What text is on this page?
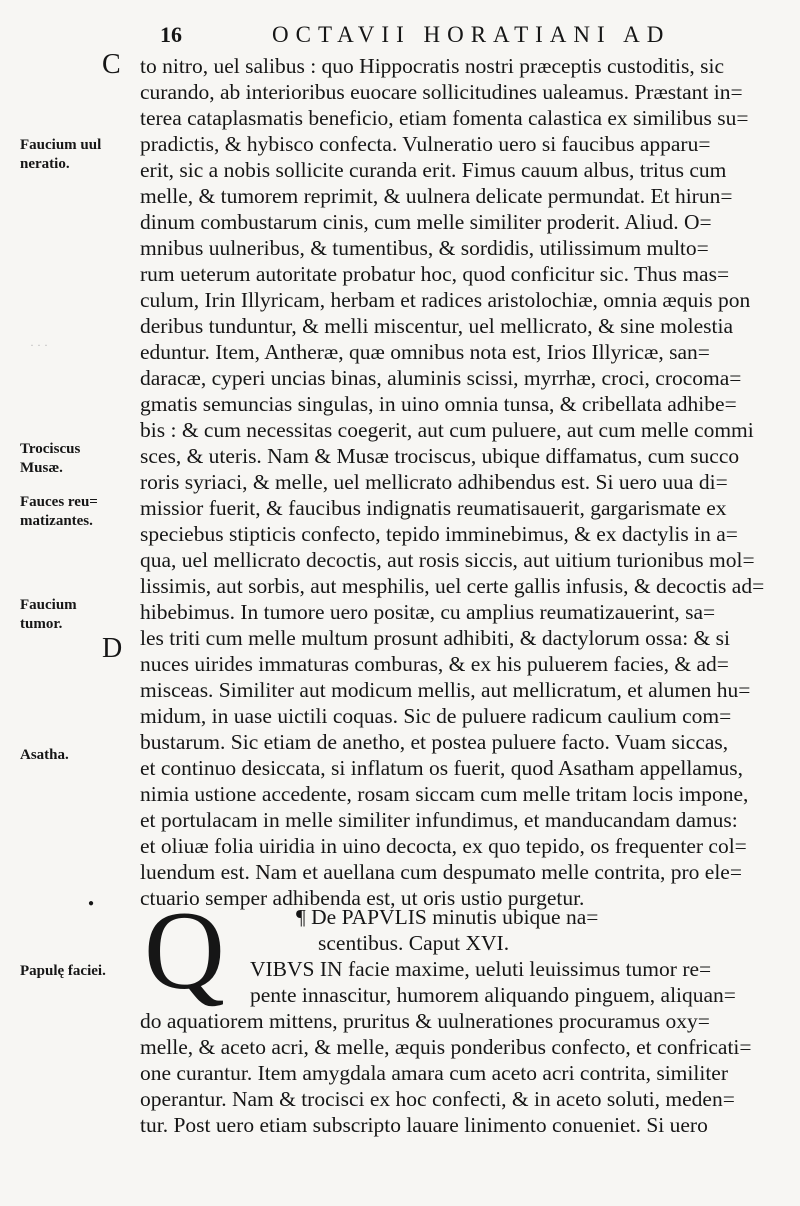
16	OCTAVII HORATIANI AD
C
D
Faucium uul
neratio.
Trociscus
Musæ.
Fauces reu=
matizantes.
Faucium
tumor.
Asatha.
Papulę faciei.
· · ·
●
to nitro, uel salibus : quo Hippocratis nostri præceptis custoditis, sic
curando, ab interioribus euocare sollicitudines ualeamus. Præstant in=
terea cataplasmatis beneficio, etiam fomenta calastica ex similibus su=
pradictis, & hybisco confecta. Vulneratio uero si faucibus apparu=
erit, sic a nobis sollicite curanda erit. Fimus cauum albus, tritus cum
melle, & tumorem reprimit, & uulnera delicate permundat. Et hirun=
dinum combustarum cinis, cum melle similiter proderit. Aliud. O=
mnibus uulneribus, & tumentibus, & sordidis, utilissimum multo=
rum ueterum autoritate probatur hoc, quod conficitur sic. Thus mas=
culum, Irin Illyricam, herbam et radices aristolochiæ, omnia æquis pon
deribus tunduntur, & melli miscentur, uel mellicrato, & sine molestia
eduntur. Item, Antheræ, quæ omnibus nota est, Irios Illyricæ, san=
daracæ, cyperi uncias binas, aluminis scissi, myrrhæ, croci, crocoma=
gmatis semuncias singulas, in uino omnia tunsa, & cribellata adhibe=
bis : & cum necessitas coegerit, aut cum puluere, aut cum melle commi
sces, & uteris. Nam & Musæ trociscus, ubique diffamatus, cum succo
roris syriaci, & melle, uel mellicrato adhibendus est. Si uero uua di=
missior fuerit, & faucibus indignatis reumatisauerit, gargarismate ex
speciebus stipticis confecto, tepido imminebimus, & ex dactylis in a=
qua, uel mellicrato decoctis, aut rosis siccis, aut uitium turionibus mol=
lissimis, aut sorbis, aut mesphilis, uel certe gallis infusis, & decoctis ad=
hibebimus. In tumore uero positæ, cu amplius reumatizauerint, sa=
les triti cum melle multum prosunt adhibiti, & dactylorum ossa: & si
nuces uirides immaturas comburas, & ex his puluerem facies, & ad=
misceas. Similiter aut modicum mellis, aut mellicratum, et alumen hu=
midum, in uase uictili coquas. Sic de puluere radicum caulium com=
bustarum. Sic etiam de anetho, et postea puluere facto. Vuam siccas,
et continuo desiccata, si inflatum os fuerit, quod Asatham appellamus,
nimia ustione accedente, rosam siccam cum melle tritam locis impone,
et portulacam in melle similiter infundimus, et manducandam damus:
et oliuæ folia uiridia in uino decocta, ex quo tepido, os frequenter col=
luendum est. Nam et auellana cum despumato melle contrita, pro ele=
ctuario semper adhibenda est, ut oris ustio purgetur.
Q	¶ De PAPVLIS minutis ubique na=
scentibus. Caput XVI.
VIBVS IN facie maxime, ueluti leuissimus tumor re=
pente innascitur, humorem aliquando pinguem, aliquan=
do aquatiorem mittens, pruritus & uulnerationes procuramus oxy=
melle, & aceto acri, & melle, æquis ponderibus confecto, et confricati=
one curantur. Item amygdala amara cum aceto acri contrita, similiter
operantur. Nam & trocisci ex hoc confecti, & in aceto soluti, meden=
tur. Post uero etiam subscripto lauare linimento conueniet. Si uero
